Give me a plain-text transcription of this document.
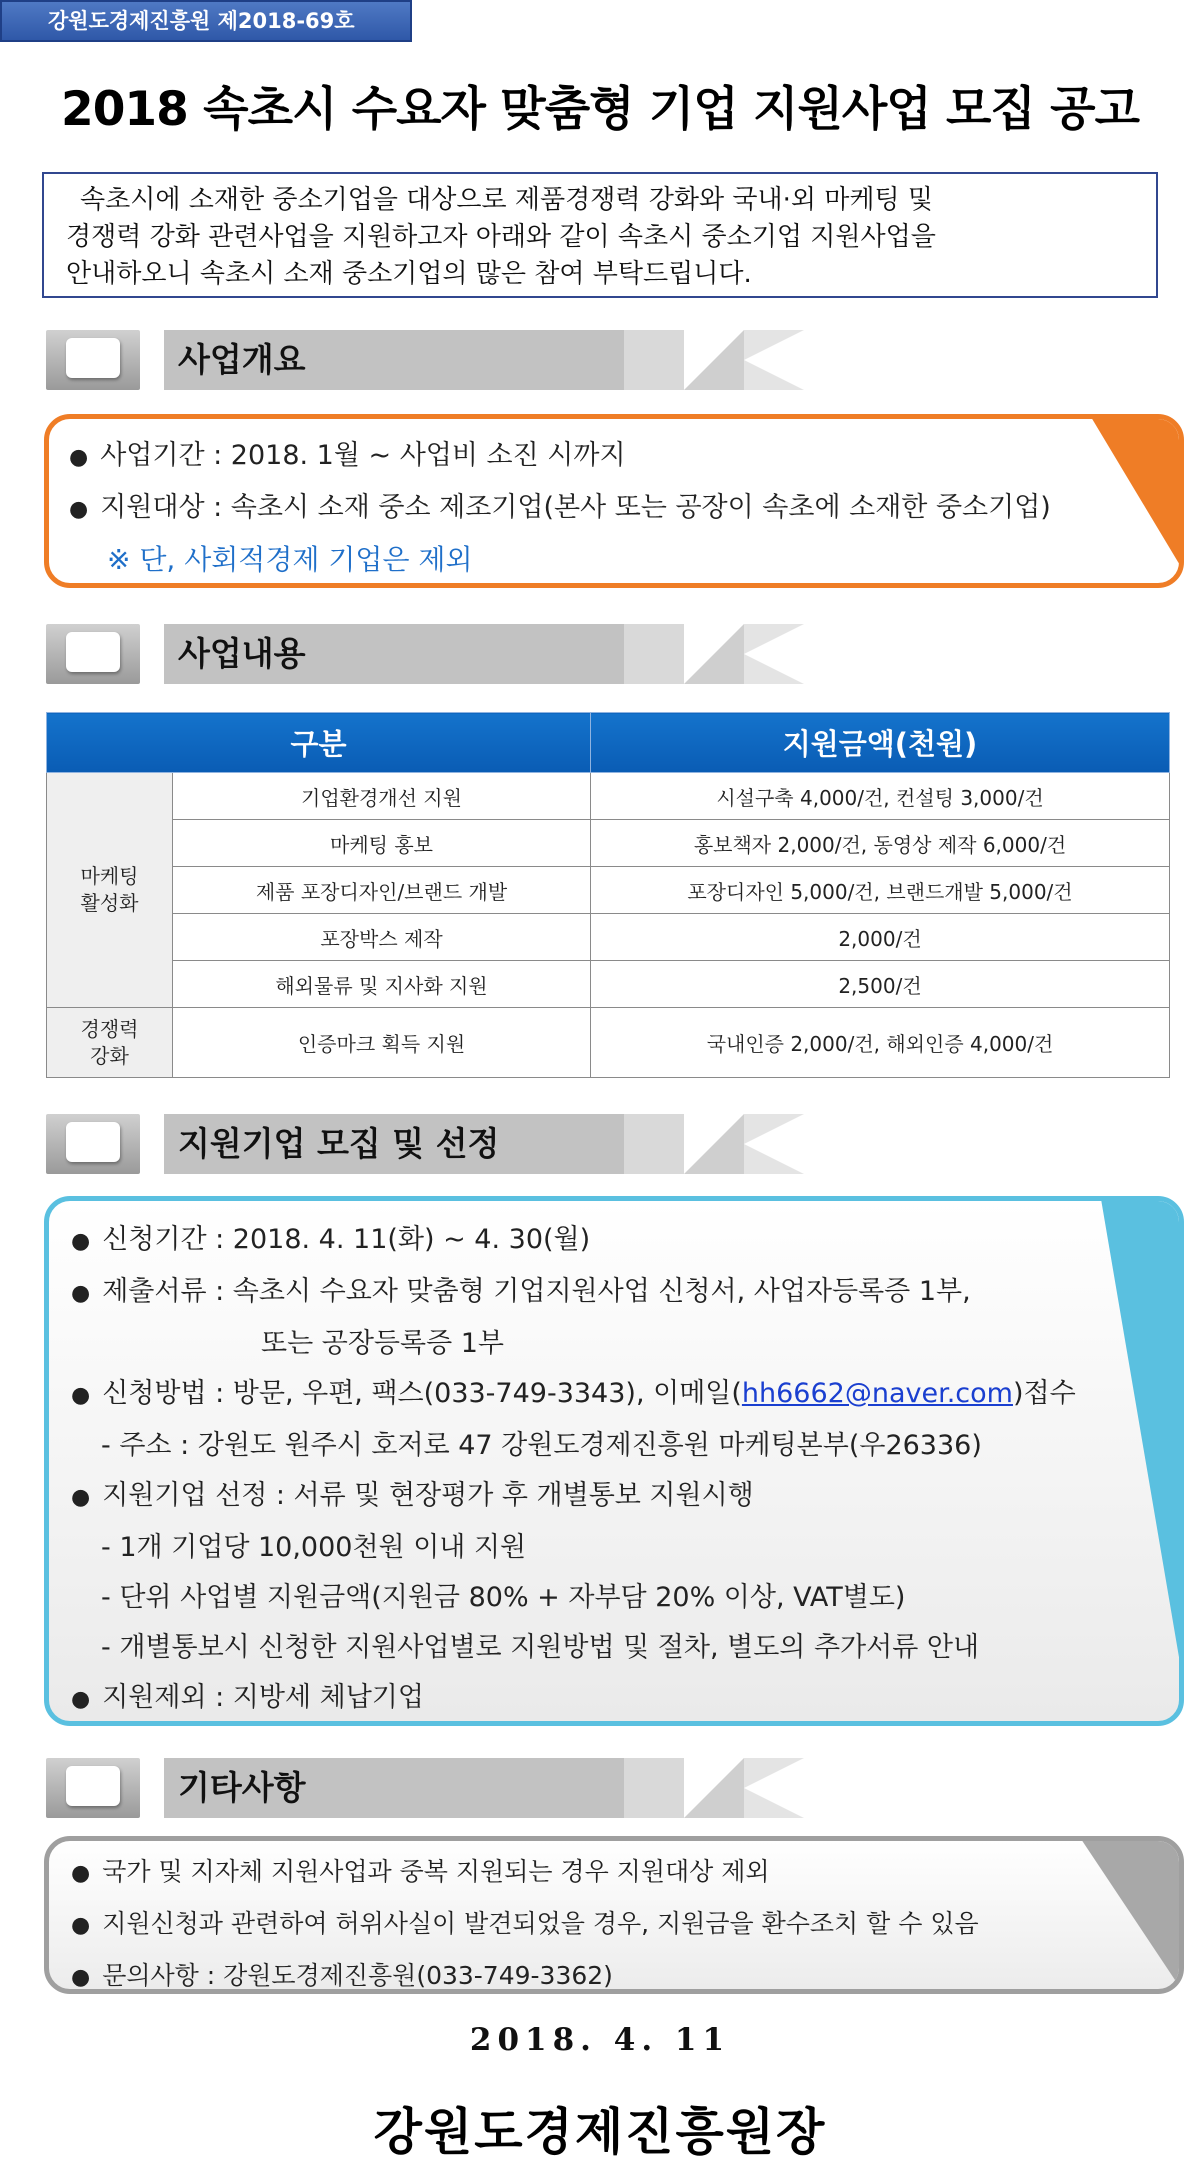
강원도경제진흥원 제2018-69호
2018 속초시 수요자 맞춤형 기업 지원사업 모집 공고
속초시에 소재한 중소기업을 대상으로 제품경쟁력 강화와 국내·외 마케팅 및
경쟁력 강화 관련사업을 지원하고자 아래와 같이 속초시 중소기업 지원사업을
안내하오니 속초시 소재 중소기업의 많은 참여 부탁드립니다.
사업개요
● 사업기간 : 2018. 1월 ~ 사업비 소진 시까지
● 지원대상 : 속초시 소재 중소 제조기업(본사 또는 공장이 속초에 소재한 중소기업)
※ 단, 사회적경제 기업은 제외
사업내용
구분		지원금액(천원)

마케팅 활성화	기업환경개선 지원	시설구축 4,000/건, 컨설팅 3,000/건
	마케팅 홍보	홍보책자 2,000/건, 동영상 제작 6,000/건
	제품 포장디자인/브랜드 개발	포장디자인 5,000/건, 브랜드개발 5,000/건
	포장박스 제작	2,000/건
	해외물류 및 지사화 지원	2,500/건

경쟁력 강화	인증마크 획득 지원	국내인증 2,000/건, 해외인증 4,000/건
지원기업 모집 및 선정
● 신청기간 : 2018. 4. 11(화) ~ 4. 30(월)
● 제출서류 : 속초시 수요자 맞춤형 기업지원사업 신청서, 사업자등록증 1부,
또는 공장등록증 1부
● 신청방법 : 방문, 우편, 팩스(033-749-3343), 이메일(hh6662@naver.com)접수
- 주소 : 강원도 원주시 호저로 47 강원도경제진흥원 마케팅본부(우26336)
● 지원기업 선정 : 서류 및 현장평가 후 개별통보 지원시행
- 1개 기업당 10,000천원 이내 지원
- 단위 사업별 지원금액(지원금 80% + 자부담 20% 이상, VAT별도)
- 개별통보시 신청한 지원사업별로 지원방법 및 절차, 별도의 추가서류 안내
● 지원제외 : 지방세 체납기업
기타사항
● 국가 및 지자체 지원사업과 중복 지원되는 경우 지원대상 제외
● 지원신청과 관련하여 허위사실이 발견되었을 경우, 지원금을 환수조치 할 수 있음
● 문의사항 : 강원도경제진흥원(033-749-3362)
2018. 4. 11
강원도경제진흥원장
